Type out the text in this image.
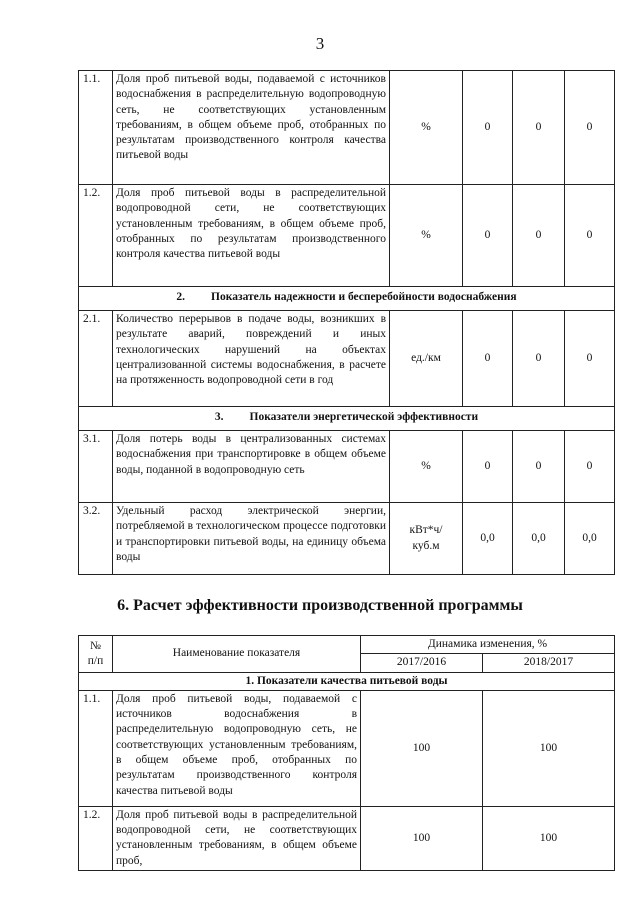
3
1.1.	Доля проб питьевой воды, подаваемой с источников водоснабжения в распределительную водопроводную сеть, не соответствующих установленным требованиям, в общем объеме проб, отобранных по результатам производственного контроля качества питьевой воды	%	0	0	0
1.2.	Доля проб питьевой воды в распределительной водопроводной сети, не соответствующих установленным требованиям, в общем объеме проб, отобранных по результатам производственного контроля качества питьевой воды	%	0	0	0
2. Показатель надежности и бесперебойности водоснабжения					
2.1.	Количество перерывов в подаче воды, возникших в результате аварий, повреждений и иных технологических нарушений на объектах централизованной системы водоснабжения, в расчете на протяженность водопроводной сети в год	ед./км	0	0	0
3. Показатели энергетической эффективности					
3.1.	Доля потерь воды в централизованных системах водоснабжения при транспортировке в общем объеме воды, поданной в водопроводную сеть	%	0	0	0
3.2.	Удельный расход электрической энергии, потребляемой в технологическом процессе подготовки и транспортировки питьевой воды, на единицу объема воды	кВт*ч/
куб.м	0,0	0,0	0,0
6. Расчет эффективности производственной программы
№
п/п	Наименование показателя	Динамика изменения, %	
		2017/2016	2018/2017
1. Показатели качества питьевой воды			
1.1.	Доля проб питьевой воды, подаваемой с источников водоснабжения в распределительную водопроводную сеть, не соответствующих установленным требованиям, в общем объеме проб, отобранных по результатам производственного контроля качества питьевой воды	100	100
1.2.	Доля проб питьевой воды в распределительной водопроводной сети, не соответствующих установленным требованиям, в общем объеме проб,	100	100
